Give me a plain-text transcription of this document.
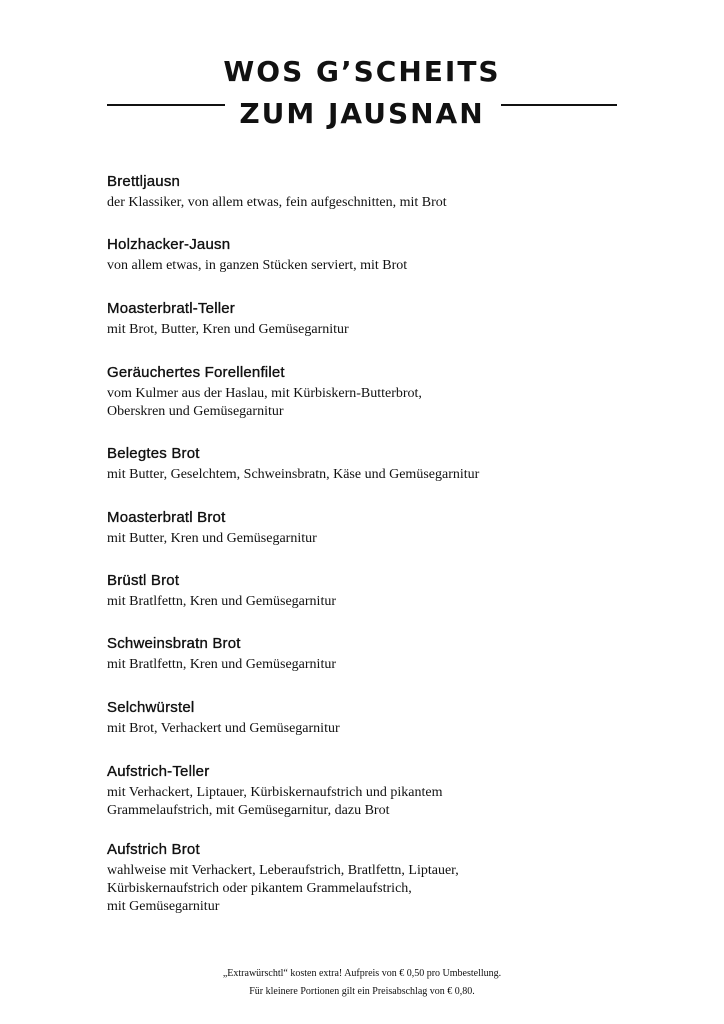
WOS G’SCHEITS
ZUM JAUSNAN
Brettljausn
der Klassiker, von allem etwas, fein aufgeschnitten, mit Brot
Holzhacker-Jausn
von allem etwas, in ganzen Stücken serviert, mit Brot
Moasterbratl-Teller
mit Brot, Butter, Kren und Gemüsegarnitur
Geräuchertes Forellenfilet
vom Kulmer aus der Haslau, mit Kürbiskern-Butterbrot,
Oberskren und Gemüsegarnitur
Belegtes Brot
mit Butter, Geselchtem, Schweinsbratn, Käse und Gemüsegarnitur
Moasterbratl Brot
mit Butter, Kren und Gemüsegarnitur
Brüstl Brot
mit Bratlfettn, Kren und Gemüsegarnitur
Schweinsbratn Brot
mit Bratlfettn, Kren und Gemüsegarnitur
Selchwürstel
mit Brot, Verhackert und Gemüsegarnitur
Aufstrich-Teller
mit Verhackert, Liptauer, Kürbiskernaufstrich und pikantem
Grammelaufstrich, mit Gemüsegarnitur, dazu Brot
Aufstrich Brot
wahlweise mit Verhackert, Leberaufstrich, Bratlfettn, Liptauer,
Kürbiskernaufstrich oder pikantem Grammelaufstrich,
mit Gemüsegarnitur
„Extrawürschtl“ kosten extra! Aufpreis von € 0,50 pro Umbestellung.
Für kleinere Portionen gilt ein Preisabschlag von € 0,80.
